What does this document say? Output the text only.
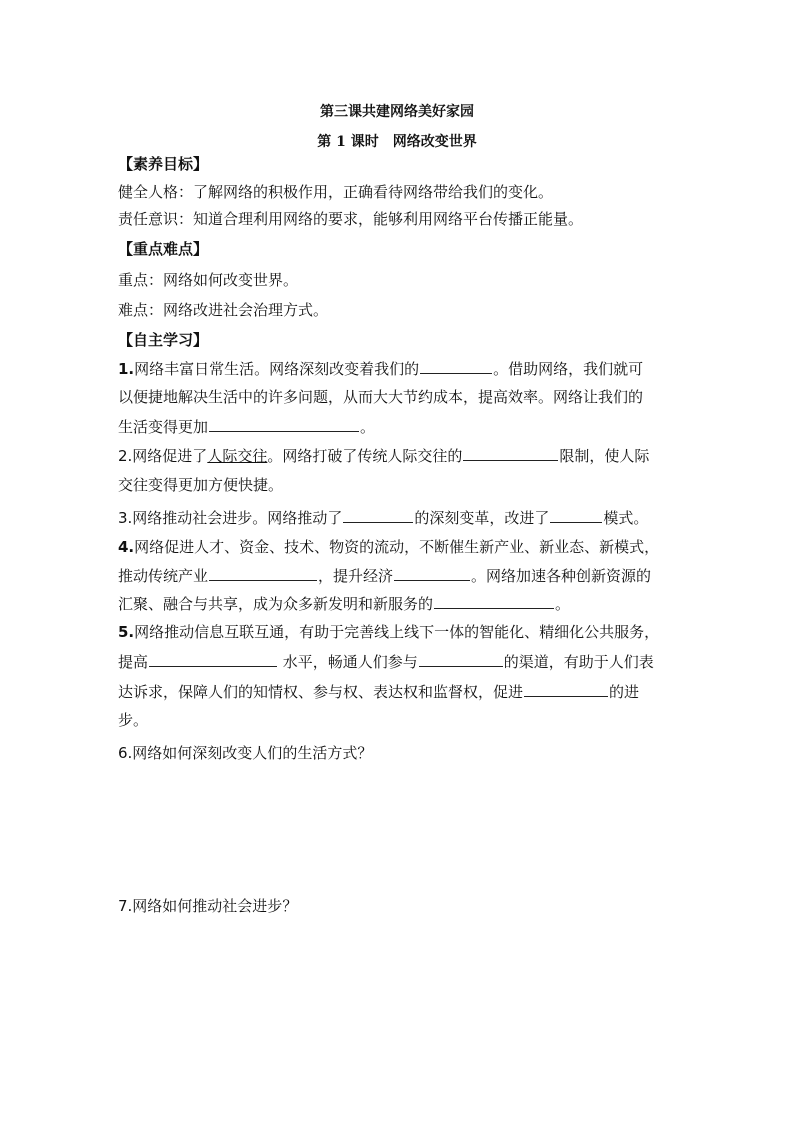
第三课共建网络美好家园
第 1 课时　网络改变世界
【素养目标】
健全人格：了解网络的积极作用，正确看待网络带给我们的变化。
责任意识：知道合理利用网络的要求，能够利用网络平台传播正能量。
【重点难点】
重点：网络如何改变世界。
难点：网络改进社会治理方式。
【自主学习】
1.网络丰富日常生活。网络深刻改变着我们的	。借助网络，我们就可
以便捷地解决生活中的许多问题，从而大大节约成本，提高效率。网络让我们的
生活变得更加	。
2.网络促进了人际交往。网络打破了传统人际交往的	限制，使人际
交往变得更加方便快捷。
3.网络推动社会进步。网络推动了	的深刻变革，改进了	模式。
4.网络促进人才、资金、技术、物资的流动，不断催生新产业、新业态、新模式，
推动传统产业	，提升经济	。网络加速各种创新资源的
汇聚、融合与共享，成为众多新发明和新服务的	。
5.网络推动信息互联互通，有助于完善线上线下一体的智能化、精细化公共服务，
提高	水平，畅通人们参与	的渠道，有助于人们表
达诉求，保障人们的知情权、参与权、表达权和监督权，促进	的进
步。
6.网络如何深刻改变人们的生活方式？
7.网络如何推动社会进步？
